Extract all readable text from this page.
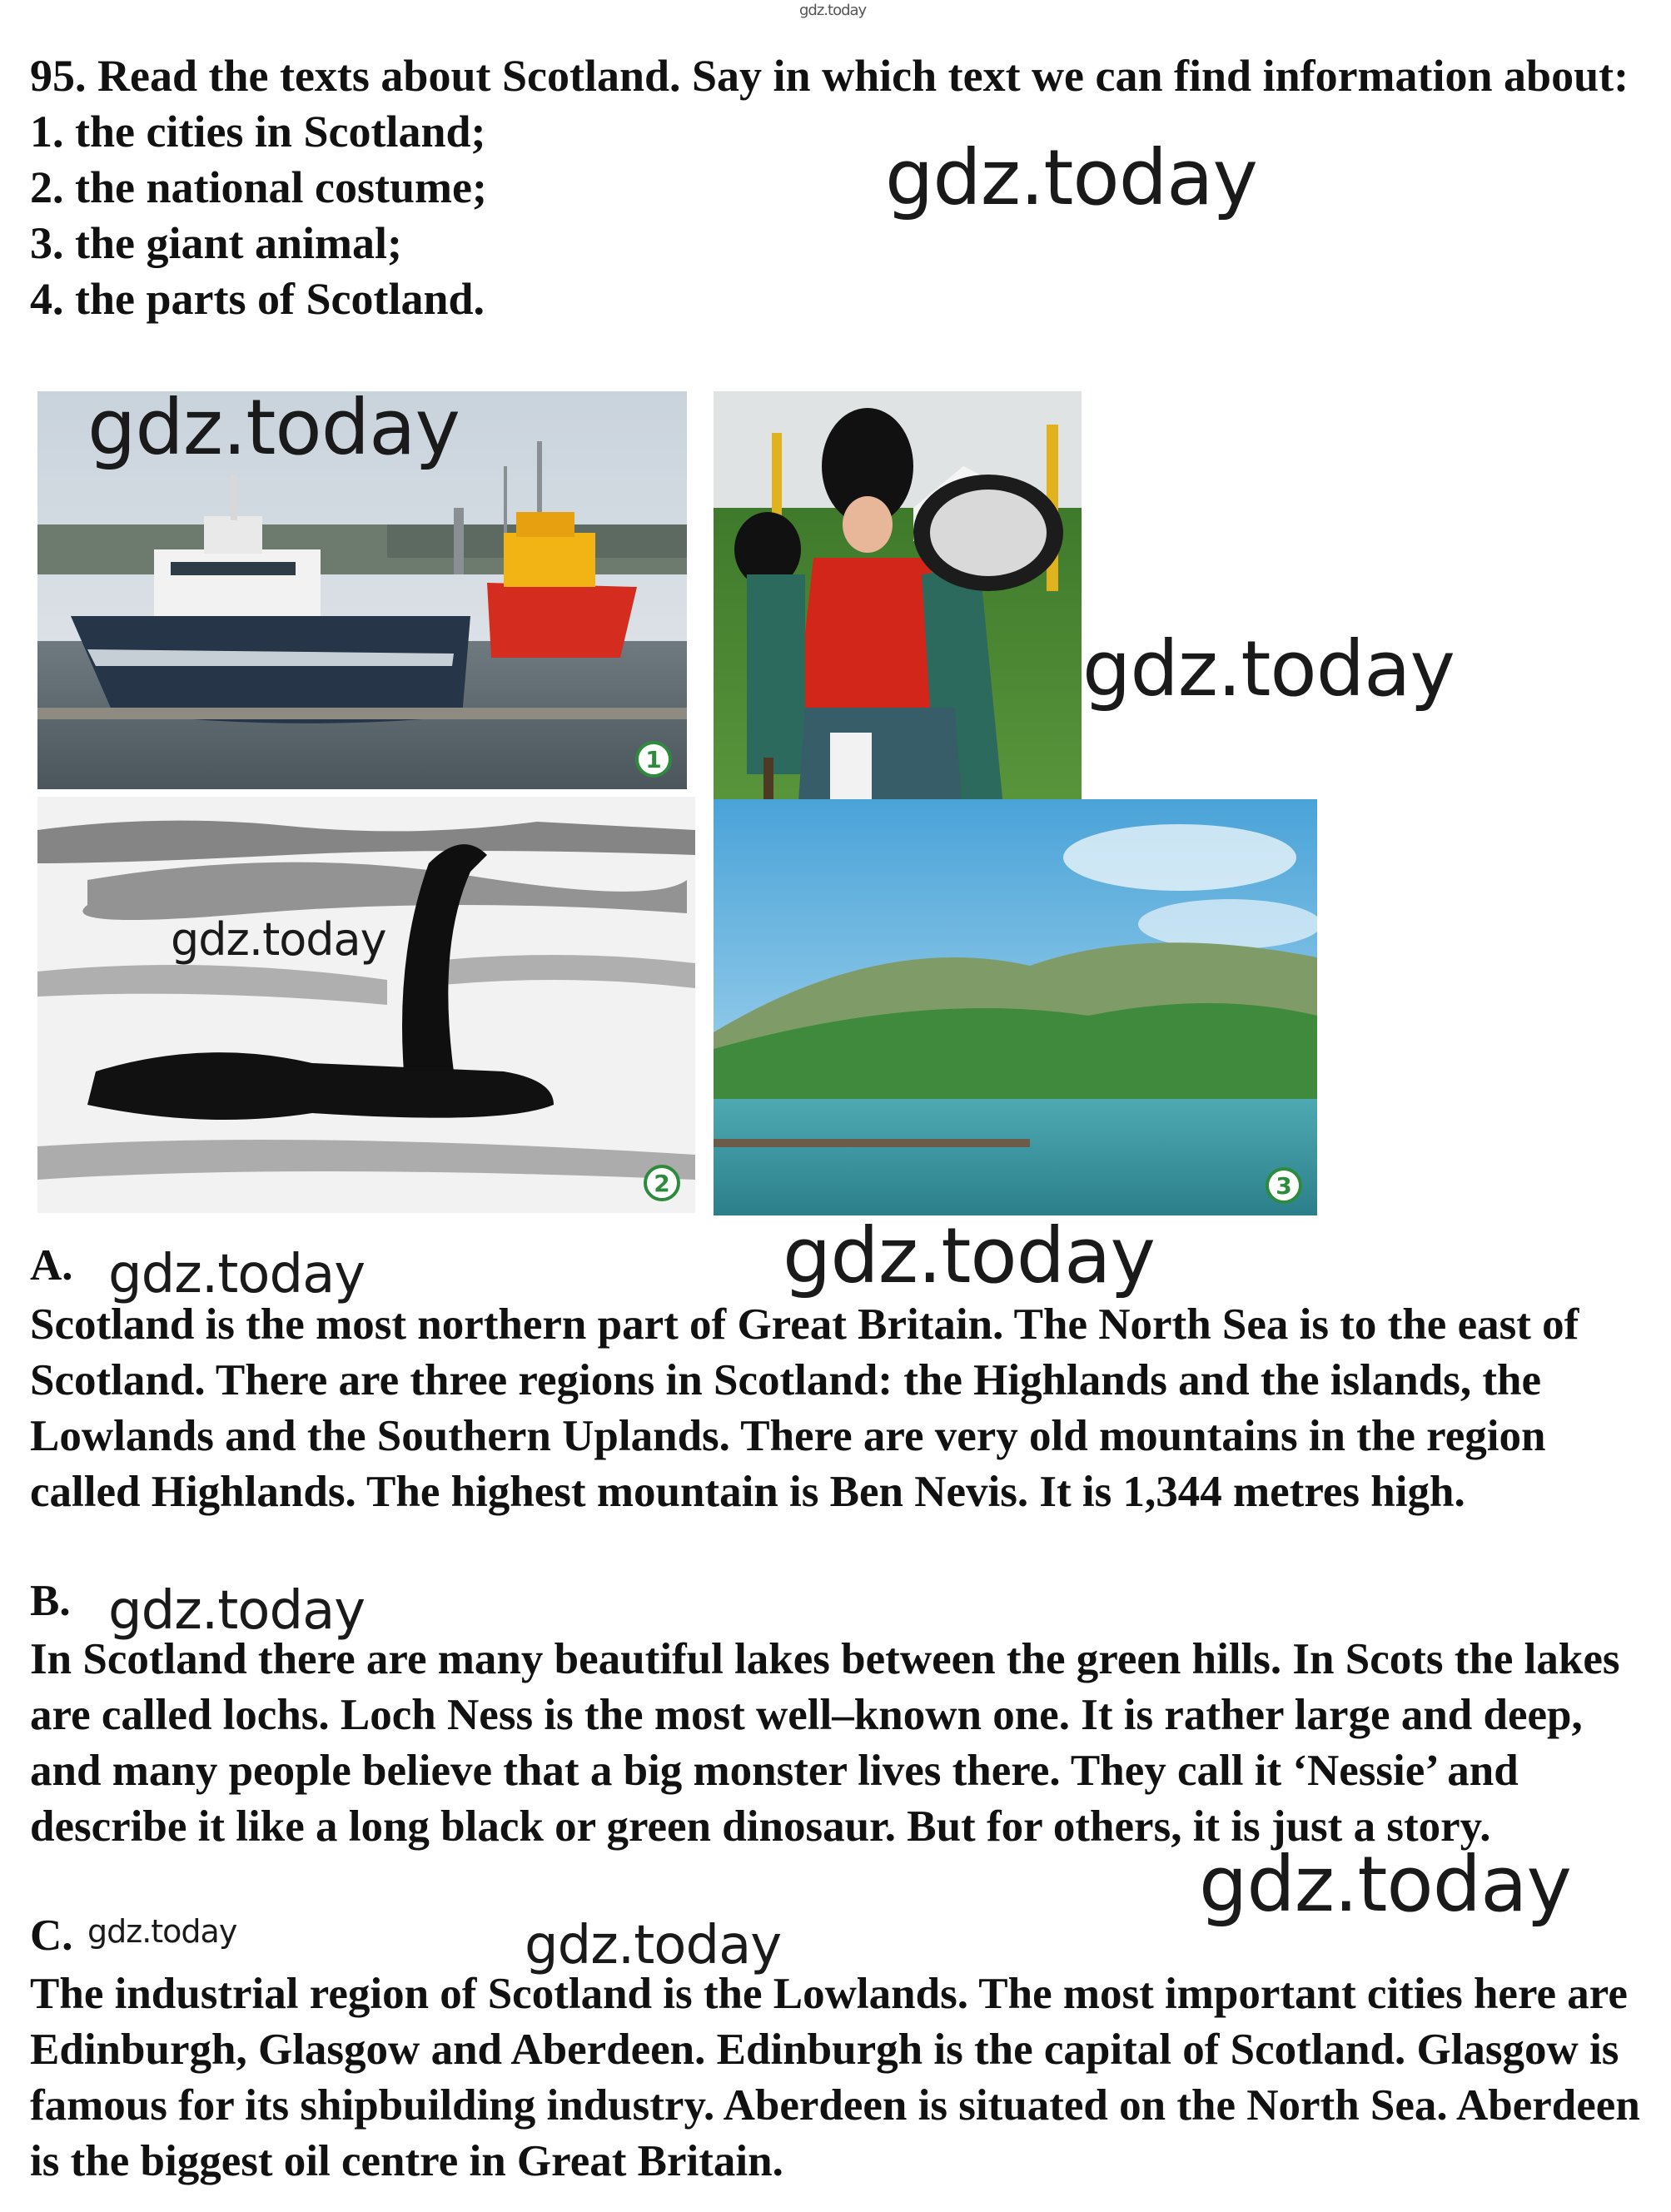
gdz.today
95. Read the texts about Scotland. Say in which text we can find information about:
1. the cities in Scotland;
2. the national costume;
3. the giant animal;
4. the parts of Scotland.
gdz.today
1
gdz.today
2
gdz.today
gdz.today
3
A. gdz.today	gdz.today
Scotland is the most northern part of Great Britain. The North Sea is to the east of Scotland. There are three regions in Scotland: the Highlands and the islands, the Lowlands and the Southern Uplands. There are very old mountains in the region called Highlands. The highest mountain is Ben Nevis. It is 1,344 metres high.
B. gdz.today
In Scotland there are many beautiful lakes between the green hills. In Scots the lakes are called lochs. Loch Ness is the most well–known one. It is rather large and deep, and many people believe that a big monster lives there. They call it ‘Nessie’ and describe it like a long black or green dinosaur. But for others, it is just a story.
gdz.today
C. gdz.today	gdz.today
The industrial region of Scotland is the Lowlands. The most important cities here are Edinburgh, Glasgow and Aberdeen. Edinburgh is the capital of Scotland. Glasgow is famous for its shipbuilding industry. Aberdeen is situated on the North Sea. Aberdeen is the biggest oil centre in Great Britain.
